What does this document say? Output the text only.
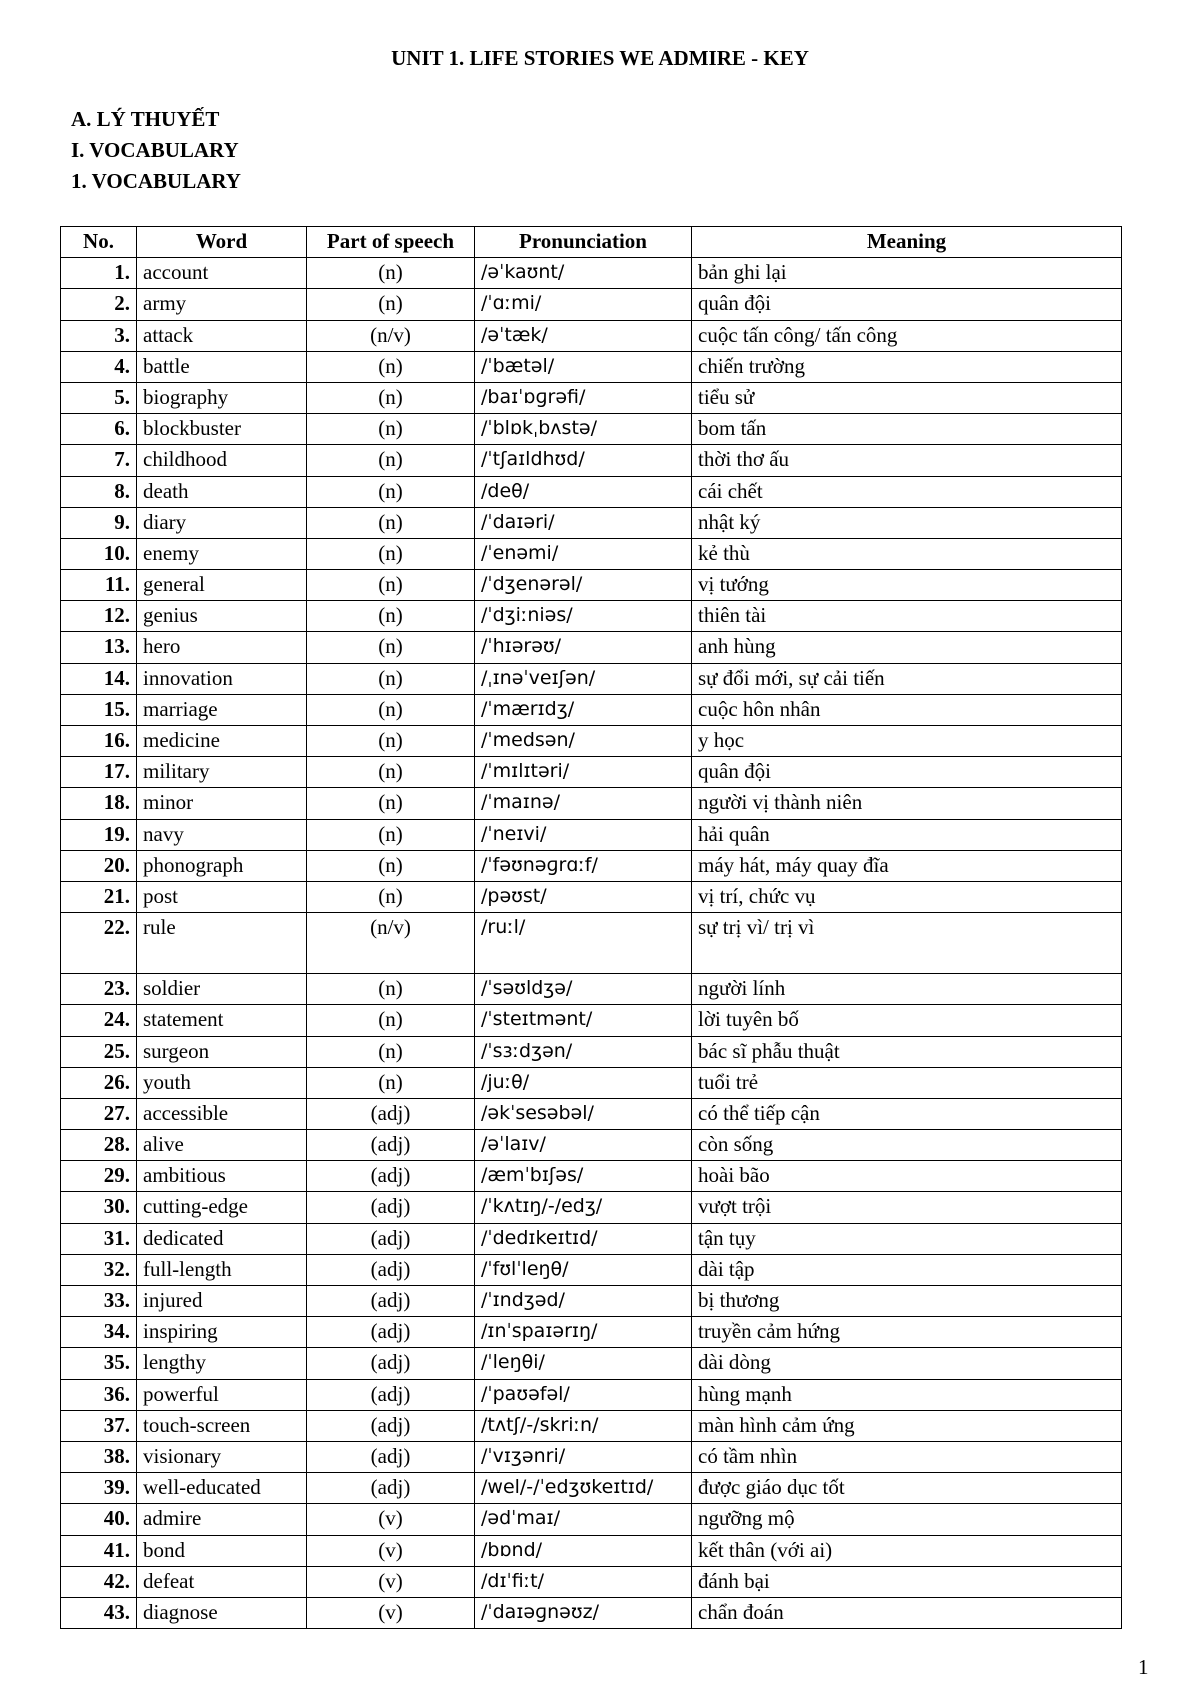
UNIT 1. LIFE STORIES WE ADMIRE - KEY
A. LÝ THUYẾT
I. VOCABULARY
1. VOCABULARY
No.	Word	Part of speech	Pronunciation	Meaning
1.	account	(n)	/əˈkaʊnt/	bản ghi lại
2.	army	(n)	/ˈɑːmi/	quân đội
3.	attack	(n/v)	/əˈtæk/	cuộc tấn công/ tấn công
4.	battle	(n)	/ˈbætəl/	chiến trường
5.	biography	(n)	/baɪˈɒɡrəfi/	tiểu sử
6.	blockbuster	(n)	/ˈblɒkˌbʌstə/	bom tấn
7.	childhood	(n)	/ˈtʃaɪldhʊd/	thời thơ ấu
8.	death	(n)	/deθ/	cái chết
9.	diary	(n)	/ˈdaɪəri/	nhật ký
10.	enemy	(n)	/ˈenəmi/	kẻ thù
11.	general	(n)	/ˈdʒenərəl/	vị tướng
12.	genius	(n)	/ˈdʒiːniəs/	thiên tài
13.	hero	(n)	/ˈhɪərəʊ/	anh hùng
14.	innovation	(n)	/ˌɪnəˈveɪʃən/	sự đổi mới, sự cải tiến
15.	marriage	(n)	/ˈmærɪdʒ/	cuộc hôn nhân
16.	medicine	(n)	/ˈmedsən/	y học
17.	military	(n)	/ˈmɪlɪtəri/	quân đội
18.	minor	(n)	/ˈmaɪnə/	người vị thành niên
19.	navy	(n)	/ˈneɪvi/	hải quân
20.	phonograph	(n)	/ˈfəʊnəɡrɑːf/	máy hát, máy quay đĩa
21.	post	(n)	/pəʊst/	vị trí, chức vụ
22.	rule	(n/v)	/ruːl/	sự trị vì/ trị vì
23.	soldier	(n)	/ˈsəʊldʒə/	người lính
24.	statement	(n)	/ˈsteɪtmənt/	lời tuyên bố
25.	surgeon	(n)	/ˈsɜːdʒən/	bác sĩ phẫu thuật
26.	youth	(n)	/juːθ/	tuổi trẻ
27.	accessible	(adj)	/əkˈsesəbəl/	có thể tiếp cận
28.	alive	(adj)	/əˈlaɪv/	còn sống
29.	ambitious	(adj)	/æmˈbɪʃəs/	hoài bão
30.	cutting-edge	(adj)	/ˈkʌtɪŋ/-/edʒ/	vượt trội
31.	dedicated	(adj)	/ˈdedɪkeɪtɪd/	tận tụy
32.	full-length	(adj)	/ˈfʊlˈleŋθ/	dài tập
33.	injured	(adj)	/ˈɪndʒəd/	bị thương
34.	inspiring	(adj)	/ɪnˈspaɪərɪŋ/	truyền cảm hứng
35.	lengthy	(adj)	/ˈleŋθi/	dài dòng
36.	powerful	(adj)	/ˈpaʊəfəl/	hùng mạnh
37.	touch-screen	(adj)	/tʌtʃ/-/skriːn/	màn hình cảm ứng
38.	visionary	(adj)	/ˈvɪʒənri/	có tầm nhìn
39.	well-educated	(adj)	/wel/-/ˈedʒʊkeɪtɪd/	được giáo dục tốt
40.	admire	(v)	/ədˈmaɪ/	ngưỡng mộ
41.	bond	(v)	/bɒnd/	kết thân (với ai)
42.	defeat	(v)	/dɪˈfiːt/	đánh bại
43.	diagnose	(v)	/ˈdaɪəɡnəʊz/	chẩn đoán
1
